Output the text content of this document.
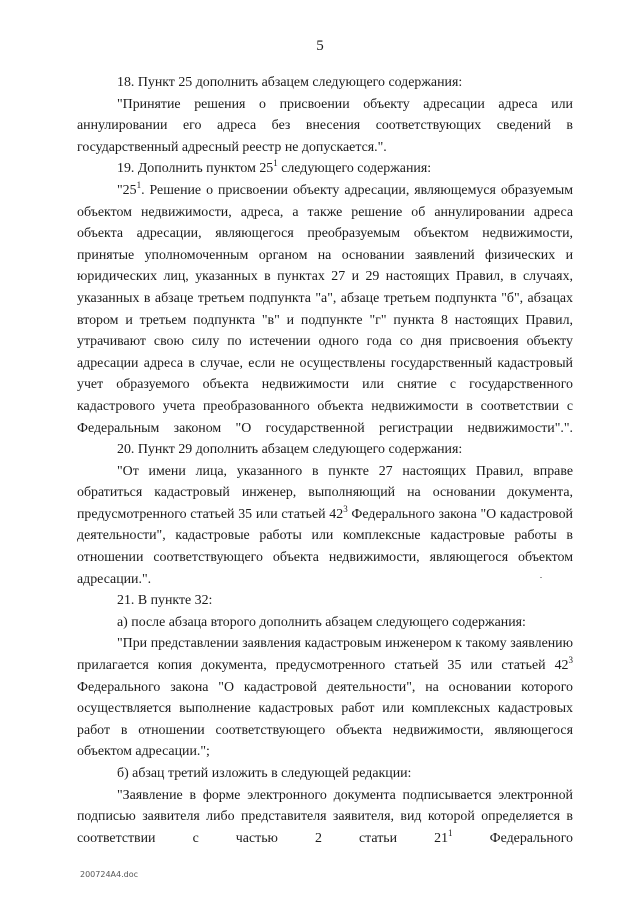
5

18. Пункт 25 дополнить абзацем следующего содержания:

"Принятие решения о присвоении объекту адресации адреса или аннулировании его адреса без внесения соответствующих сведений в государственный адресный реестр не допускается.".

19. Дополнить пунктом $25^1$ следующего содержания:

"$25^1$. Решение о присвоении объекту адресации, являющемуся образуемым объектом недвижимости, адреса, а также решение об аннулировании адреса объекта адресации, являющегося преобразуемым объектом недвижимости, принятые уполномоченным органом на основании заявлений физических и юридических лиц, указанных в пунктах 27 и 29 настоящих Правил, в случаях, указанных в абзаце третьем подпункта "а", абзаце третьем подпункта "б", абзацах втором и третьем подпункта "в" и подпункте "г" пункта 8 настоящих Правил, утрачивают свою силу по истечении одного года со дня присвоения объекту адресации адреса в случае, если не осуществлены государственный кадастровый учет образуемого объекта недвижимости или снятие с государственного кадастрового учета преобразованного объекта недвижимости в соответствии с Федеральным законом "О государственной регистрации недвижимости".".

20. Пункт 29 дополнить абзацем следующего содержания:

"От имени лица, указанного в пункте 27 настоящих Правил, вправе обратиться кадастровый инженер, выполняющий на основании документа, предусмотренного статьей 35 или статьей $42^3$ Федерального закона "О кадастровой деятельности", кадастровые работы или комплексные кадастровые работы в отношении соответствующего объекта недвижимости, являющегося объектом адресации.".

21. В пункте 32:

а) после абзаца второго дополнить абзацем следующего содержания:

"При представлении заявления кадастровым инженером к такому заявлению прилагается копия документа, предусмотренного статьей 35 или статьей $42^3$ Федерального закона "О кадастровой деятельности", на основании которого осуществляется выполнение кадастровых работ или комплексных кадастровых работ в отношении соответствующего объекта недвижимости, являющегося объектом адресации.";

б) абзац третий изложить в следующей редакции:

"Заявление в форме электронного документа подписывается электронной подписью заявителя либо представителя заявителя, вид которой определяется в соответствии с частью 2 статьи $21^1$ Федерального

200724A4.doc
